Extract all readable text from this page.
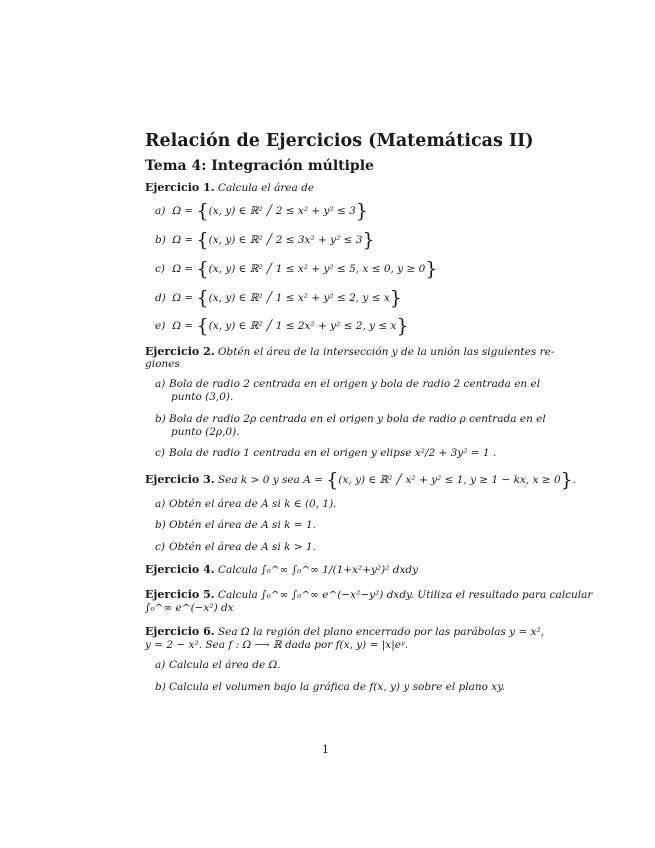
Relación de Ejercicios (Matemáticas II)
Tema 4: Integración múltiple
Ejercicio 1. Calcula el área de
a) Ω = {(x, y) ∈ ℝ² ╱ 2 ≤ x² + y² ≤ 3}
b) Ω = {(x, y) ∈ ℝ² ╱ 2 ≤ 3x² + y² ≤ 3}
c) Ω = {(x, y) ∈ ℝ² ╱ 1 ≤ x² + y² ≤ 5, x ≤ 0, y ≥ 0}
d) Ω = {(x, y) ∈ ℝ² ╱ 1 ≤ x² + y² ≤ 2, y ≤ x}
e) Ω = {(x, y) ∈ ℝ² ╱ 1 ≤ 2x² + y² ≤ 2, y ≤ x}
Ejercicio 2. Obtén el área de la intersección y de la unión las siguientes re-
giones
a) Bola de radio 2 centrada en el origen y bola de radio 2 centrada en el
punto (3,0).
b) Bola de radio 2ρ centrada en el origen y bola de radio ρ centrada en el
punto (2ρ,0).
c) Bola de radio 1 centrada en el origen y elipse x²/2 + 3y² = 1 .
Ejercicio 3. Sea k > 0 y sea A = {(x, y) ∈ ℝ² ╱ x² + y² ≤ 1, y ≥ 1 − kx, x ≥ 0}.
a) Obtén el área de A si k ∈ (0, 1).
b) Obtén el área de A si k = 1.
c) Obtén el área de A si k > 1.
Ejercicio 4. Calcula ∫₀^∞ ∫₀^∞ 1/(1+x²+y²)² dxdy
Ejercicio 5. Calcula ∫₀^∞ ∫₀^∞ e^(−x²−y²) dxdy. Utiliza el resultado para calcular
∫₀^∞ e^(−x²) dx
Ejercicio 6. Sea Ω la región del plano encerrado por las parábolas y = x²,
y = 2 − x². Sea f : Ω ⟶ ℝ dada por f(x, y) = |x|eʸ.
a) Calcula el área de Ω.
b) Calcula el volumen bajo la gráfica de f(x, y) y sobre el plano xy.
1
